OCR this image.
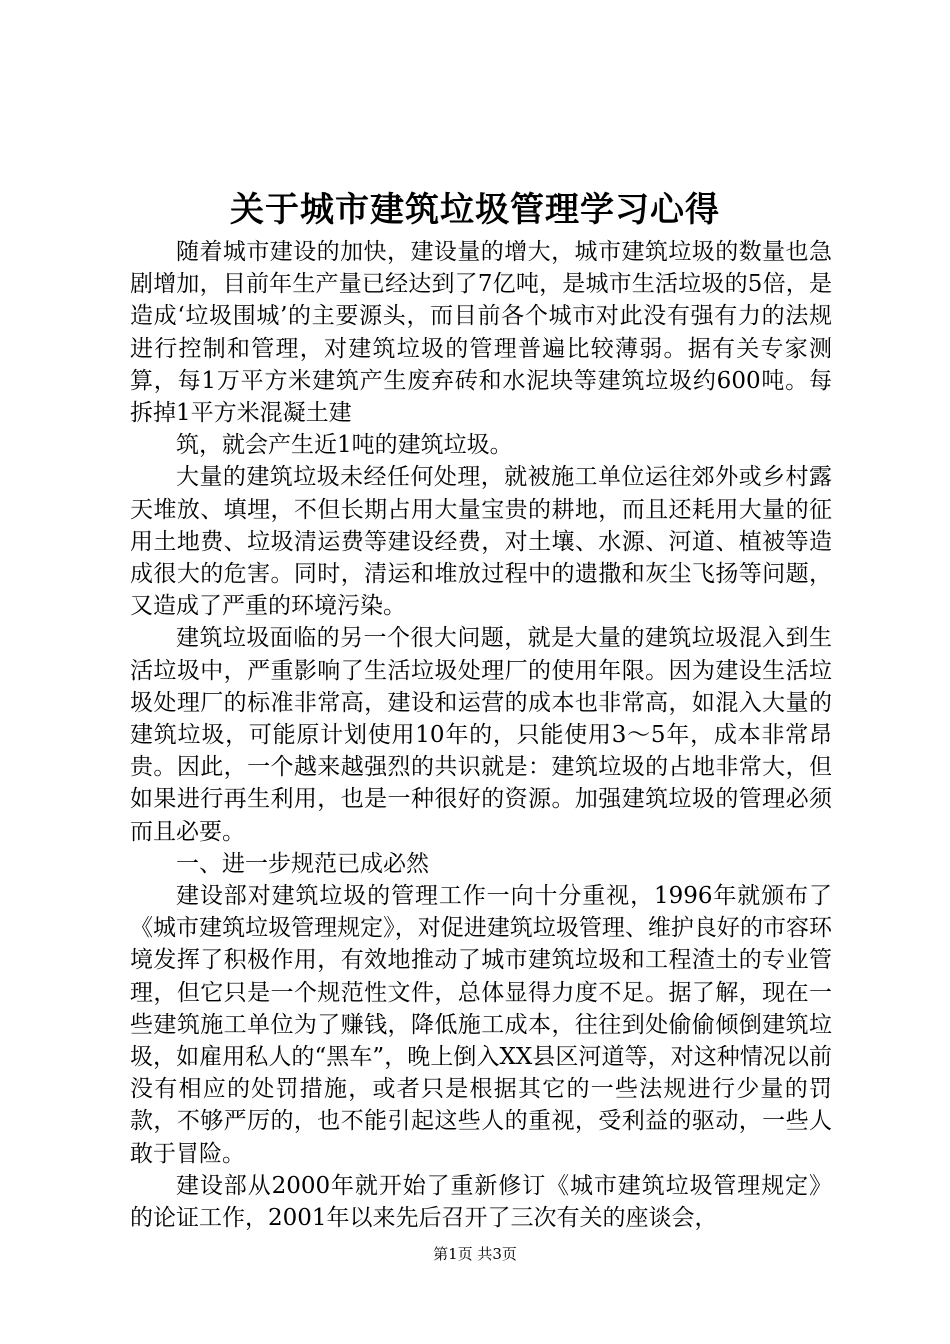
关于城市建筑垃圾管理学习心得

随着城市建设的加快，建设量的增大，城市建筑垃圾的数量也急剧增加，目前年生产量已经达到了7亿吨，是城市生活垃圾的5倍，是造成‘垃圾围城’的主要源头，而目前各个城市对此没有强有力的法规进行控制和管理，对建筑垃圾的管理普遍比较薄弱。据有关专家测算，每1万平方米建筑产生废弃砖和水泥块等建筑垃圾约600吨。每拆掉1平方米混凝土建

筑，就会产生近1吨的建筑垃圾。

大量的建筑垃圾未经任何处理，就被施工单位运往郊外或乡村露天堆放、填埋，不但长期占用大量宝贵的耕地，而且还耗用大量的征用土地费、垃圾清运费等建设经费，对土壤、水源、河道、植被等造成很大的危害。同时，清运和堆放过程中的遗撒和灰尘飞扬等问题，又造成了严重的环境污染。

建筑垃圾面临的另一个很大问题，就是大量的建筑垃圾混入到生活垃圾中，严重影响了生活垃圾处理厂的使用年限。因为建设生活垃圾处理厂的标准非常高，建设和运营的成本也非常高，如混入大量的建筑垃圾，可能原计划使用10年的，只能使用3～5年，成本非常昂贵。因此，一个越来越强烈的共识就是：建筑垃圾的占地非常大，但如果进行再生利用，也是一种很好的资源。加强建筑垃圾的管理必须而且必要。

一、进一步规范已成必然

建设部对建筑垃圾的管理工作一向十分重视，1996年就颁布了《城市建筑垃圾管理规定》，对促进建筑垃圾管理、维护良好的市容环境发挥了积极作用，有效地推动了城市建筑垃圾和工程渣土的专业管理，但它只是一个规范性文件，总体显得力度不足。据了解，现在一些建筑施工单位为了赚钱，降低施工成本，往往到处偷偷倾倒建筑垃圾，如雇用私人的“黑车”，晚上倒入XX县区河道等，对这种情况以前没有相应的处罚措施，或者只是根据其它的一些法规进行少量的罚款，不够严厉的，也不能引起这些人的重视，受利益的驱动，一些人敢于冒险。

建设部从2000年就开始了重新修订《城市建筑垃圾管理规定》的论证工作，2001年以来先后召开了三次有关的座谈会，

第1页 共3页
